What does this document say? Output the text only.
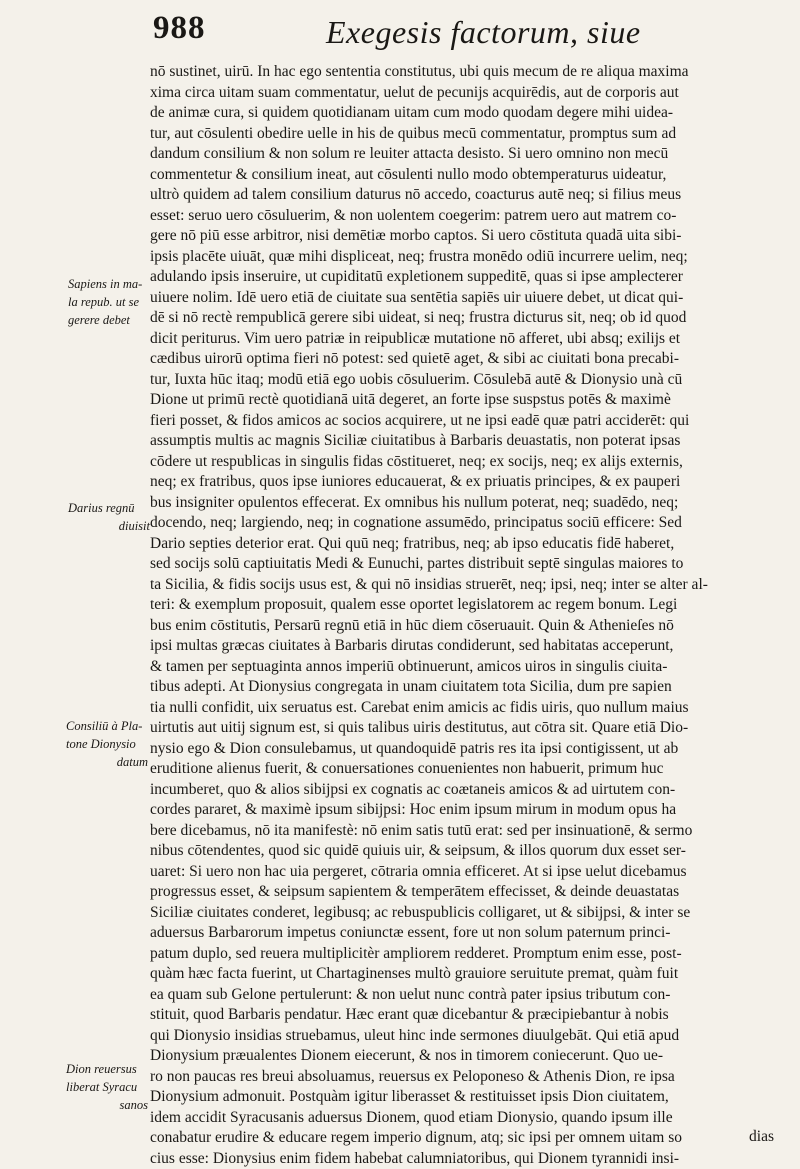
988	Exegesis factorum, siue
nō sustinet, uirū. In hac ego sententia constitutus, ubi quis mecum de re aliqua maxima
xima circa uitam suam commentatur, uelut de pecunijs acquirēdis, aut de corporis aut
de animæ cura, si quidem quotidianam uitam cum modo quodam degere mihi uidea-
tur, aut cōsulenti obedire uelle in his de quibus mecū commentatur, promptus sum ad
dandum consilium & non solum re leuiter attacta desisto. Si uero omnino non mecū
commentetur & consilium ineat, aut cōsulenti nullo modo obtemperaturus uideatur,
ultrò quidem ad talem consilium daturus nō accedo, coacturus autē neq; si filius meus
esset: seruo uero cōsuluerim, & non uolentem coegerim: patrem uero aut matrem co-
gere nō piū esse arbitror, nisi demētiæ morbo captos. Si uero cōstituta quadā uita sibi-
ipsis placēte uiuāt, quæ mihi displiceat, neq; frustra monēdo odiū incurrere uelim, neq;
adulando ipsis inseruire, ut cupiditatū expletionem suppeditē, quas si ipse amplecterer
uiuere nolim. Idē uero etiā de ciuitate sua sentētia sapiēs uir uiuere debet, ut dicat qui-
dē si nō rectè rempublicā gerere sibi uideat, si neq; frustra dicturus sit, neq; ob id quod
dicit periturus. Vim uero patriæ in reipublicæ mutatione nō afferet, ubi absq; exilijs et
cædibus uirorū optima fieri nō potest: sed quietē aget, & sibi ac ciuitati bona precabi-
tur, Iuxta hūc itaq; modū etiā ego uobis cōsuluerim. Cōsulebā autē & Dionysio unà cū
Dione ut primū rectè quotidianā uitā degeret, an forte ipse suspstus potēs & maximè
fieri posset, & fidos amicos ac socios acquirere, ut ne ipsi eadē quæ patri acciderēt: qui
assumptis multis ac magnis Siciliæ ciuitatibus à Barbaris deuastatis, non poterat ipsas
cōdere ut respublicas in singulis fidas cōstitueret, neq; ex socijs, neq; ex alijs externis,
neq; ex fratribus, quos ipse iuniores educauerat, & ex priuatis principes, & ex pauperi
bus insigniter opulentos effecerat. Ex omnibus his nullum poterat, neq; suadēdo, neq;
docendo, neq; largiendo, neq; in cognatione assumēdo, principatus sociū efficere: Sed
Dario septies deterior erat. Qui quū neq; fratribus, neq; ab ipso educatis fidē haberet,
sed socijs solū captiuitatis Medi & Eunuchi, partes distribuit septē singulas maiores to
ta Sicilia, & fidis socijs usus est, & qui nō insidias struerēt, neq; ipsi, neq; inter se alter al-
teri: & exemplum proposuit, qualem esse oportet legislatorem ac regem bonum. Legi
bus enim cōstitutis, Persarū regnū etiā in hūc diem cōseruauit. Quin & Athenieſes nō
ipsi multas græcas ciuitates à Barbaris dirutas condiderunt, sed habitatas acceperunt,
& tamen per septuaginta annos imperiū obtinuerunt, amicos uiros in singulis ciuita-
tibus adepti. At Dionysius congregata in unam ciuitatem tota Sicilia, dum pre sapien
tia nulli confidit, uix seruatus est. Carebat enim amicis ac fidis uiris, quo nullum maius
uirtutis aut uitij signum est, si quis talibus uiris destitutus, aut cōtra sit. Quare etiā Dio-
nysio ego & Dion consulebamus, ut quandoquidē patris res ita ipsi contigissent, ut ab
eruditione alienus fuerit, & conuersationes conuenientes non habuerit, primum huc
incumberet, quo & alios sibijpsi ex cognatis ac coætaneis amicos & ad uirtutem con-
cordes pararet, & maximè ipsum sibijpsi: Hoc enim ipsum mirum in modum opus ha
bere dicebamus, nō ita manifestè: nō enim satis tutū erat: sed per insinuationē, & sermo
nibus cōtendentes, quod sic quidē quiuis uir, & seipsum, & illos quorum dux esset ser-
uaret: Si uero non hac uia pergeret, cōtraria omnia efficeret. At si ipse uelut dicebamus
progressus esset, & seipsum sapientem & temperātem effecisset, & deinde deuastatas
Siciliæ ciuitates conderet, legibusq; ac rebuspublicis colligaret, ut & sibijpsi, & inter se
aduersus Barbarorum impetus coniunctæ essent, fore ut non solum paternum princi-
patum duplo, sed reuera multiplicitèr ampliorem redderet. Promptum enim esse, post-
quàm hæc facta fuerint, ut Chartaginenses multò grauiore seruitute premat, quàm fuit
ea quam sub Gelone pertulerunt: & non uelut nunc contrà pater ipsius tributum con-
stituit, quod Barbaris pendatur. Hæc erant quæ dicebantur & præcipiebantur à nobis
qui Dionysio insidias struebamus, uleut hinc inde sermones diuulgebāt. Qui etiā apud
Dionysium præualentes Dionem eiecerunt, & nos in timorem coniecerunt. Quo ue-
ro non paucas res breui absoluamus, reuersus ex Peloponeso & Athenis Dion, re ipsa
Dionysium admonuit. Postquàm igitur liberasset & restituisset ipsis Dion ciuitatem,
idem accidit Syracusanis aduersus Dionem, quod etiam Dionysio, quando ipsum ille
conabatur erudire & educare regem imperio dignum, atq; sic ipsi per omnem uitam so
cius esse: Dionysius enim fidem habebat calumniatoribus, qui Dionem tyrannidi insi-
Sapiens in ma-
la repub. ut se
gerere debet
Darius regnū
diuisit
Consiliū à Pla-
tone Dionysio
datum
Dion reuersus
liberat Syracu
sanos
dias
